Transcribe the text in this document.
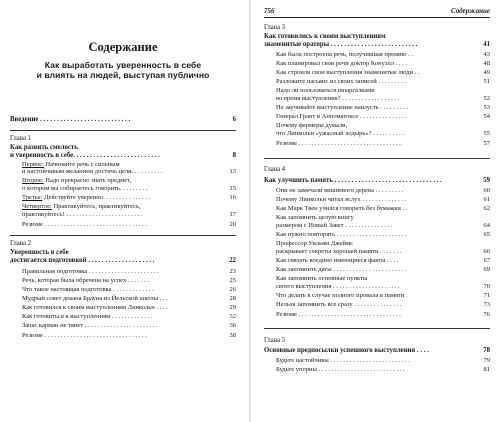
Содержание
Как выработать уверенность в себе
и влиять на людей, выступая публично
Введение . . . . . . . . . . . . . . . . . . . . . . . . . . .	6
Глава 1
Как развить смелость
и уверенность в себе. . . . . . . . . . . . . . . . . . . . . . . . . .	8
Первое: Начинайте речь с сильным
и настойчивым желанием достичь цели. . . . . . . . . .	13
Второе: Надо прекрасно знать предмет,
о котором вы собираетесь говорить. . . . . . . . .	15
Третье: Действуйте уверенно. . . . . . . . . . . . . . .	16
Четвертое: Практикуйтесь, практикуйтесь,
практикуйтесь! . . . . . . . . . . . . . . . . . . . . . . . .	17
Резюме . . . . . . . . . . . . . . . . . . . . . . . . . . . . . . . .	20
Глава 2
Уверенность в себе
достигается подготовкой . . . . . . . . . . . . . . . . . . . .	22
Правильная подготовка . . . . . . . . . . . . . . . . . . . . . .	23
Речь, которая была обречена на успех . . . . . . .	25
Что такое настоящая подготовка . . . . . . . . . . . . .	26
Мудрый совет декана Брауна из Йельской школы . . .	28
Как готовился к своим выступлениям Линкольн . . . .	29
Как готовиться к выступлениям . . . . . . . . . . . . .	32
Запас карман не тянет . . . . . . . . . . . . . . . . . . . . . . .	36
Резюме . . . . . . . . . . . . . . . . . . . . . . . . . . . . . . . .	38
756	Содержание
Глава 3
Как готовились к своим выступлениям
знаменитые ораторы . . . . . . . . . . . . . . . . . . . . . . . . . .	41
Как была построена речь, получившая премию . .	43
Как планировал свои речи доктор Конуэлл . . . .	48
Как строили свои выступления знаменитые люди . .	49
Разложите пасьянс из своих записей . . . . . . . . .	51
Надо ли пользоваться шпаргалками
во время выступления? . . . . . . . . . . . . . . . . . .	52
Не заучивайте выступление наизусть . . . . . . . . .	53
Генерал Грант в Аппоматоксе . . . . . . . . . . . . . . .	54
Почему фермеры думали,
что Линкольн «ужасный лодырь»? . . . . . . . . . .	55
Резюме . . . . . . . . . . . . . . . . . . . . . . . . . . . . . . . .	57
Глава 4
Как улучшить память . . . . . . . . . . . . . . . . . . . . . . . . . . . . . . . .	59
Они не замечали вишневого дерева . . . . . . . . .	60
Почему Линкольн читал вслух . . . . . . . . . . . . . .	61
Как Марк Твен учился говорить без бумажки . .	62
Как запомнить целую книгу
размером с Новый Завет . . . . . . . . . . . . . . .	64
Как нужно повторять . . . . . . . . . . . . . . . . . . . . . .	65
Профессор Уильям Джеймс
раскрывает секреты хорошей памяти . . . . . . .	66
Как связать воедино имеющиеся факты . . . .	67
Как запомнить даты . . . . . . . . . . . . . . . . . . . . . . .	69
Как запомнить основные пункты
своего выступления . . . . . . . . . . . . . . . . . . . . .	70
Что делать в случае полного провала в памяти .	71
Нельзя запомнить все сразу . . . . . . . . . . . . . . .	73
Резюме . . . . . . . . . . . . . . . . . . . . . . . . . . . . . . . .	76
Глава 5
Основные предпосылки успешного выступления . . . .	78
Будьте настойчивы . . . . . . . . . . . . . . . . . . . . . . . . .	79
Будьте упорны . . . . . . . . . . . . . . . . . . . . . . . . . . .	81
